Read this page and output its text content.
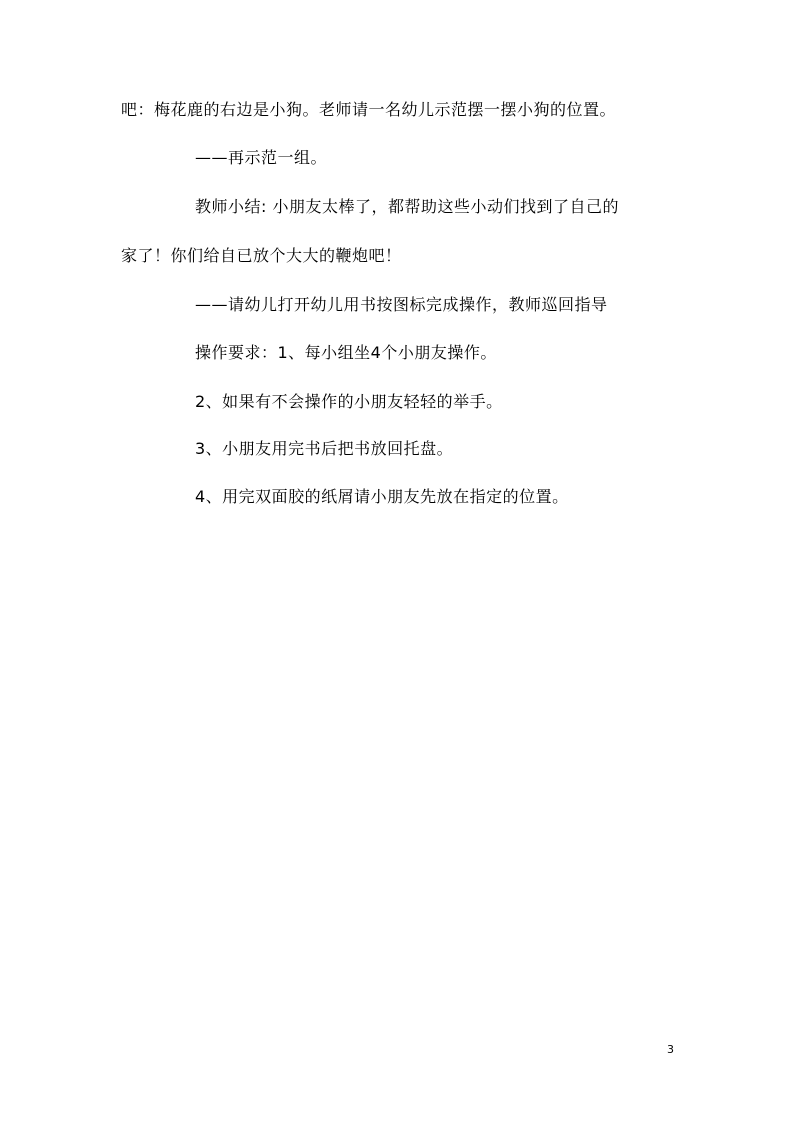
吧：梅花鹿的右边是小狗。老师请一名幼儿示范摆一摆小狗的位置。
——再示范一组。
教师小结: 小朋友太棒了，都帮助这些小动们找到了自己的
家了！你们给自已放个大大的鞭炮吧！
——请幼儿打开幼儿用书按图标完成操作，教师巡回指导
操作要求：1、每小组坐4个小朋友操作。
2、如果有不会操作的小朋友轻轻的举手。
3、小朋友用完书后把书放回托盘。
4、用完双面胶的纸屑请小朋友先放在指定的位置。
3
